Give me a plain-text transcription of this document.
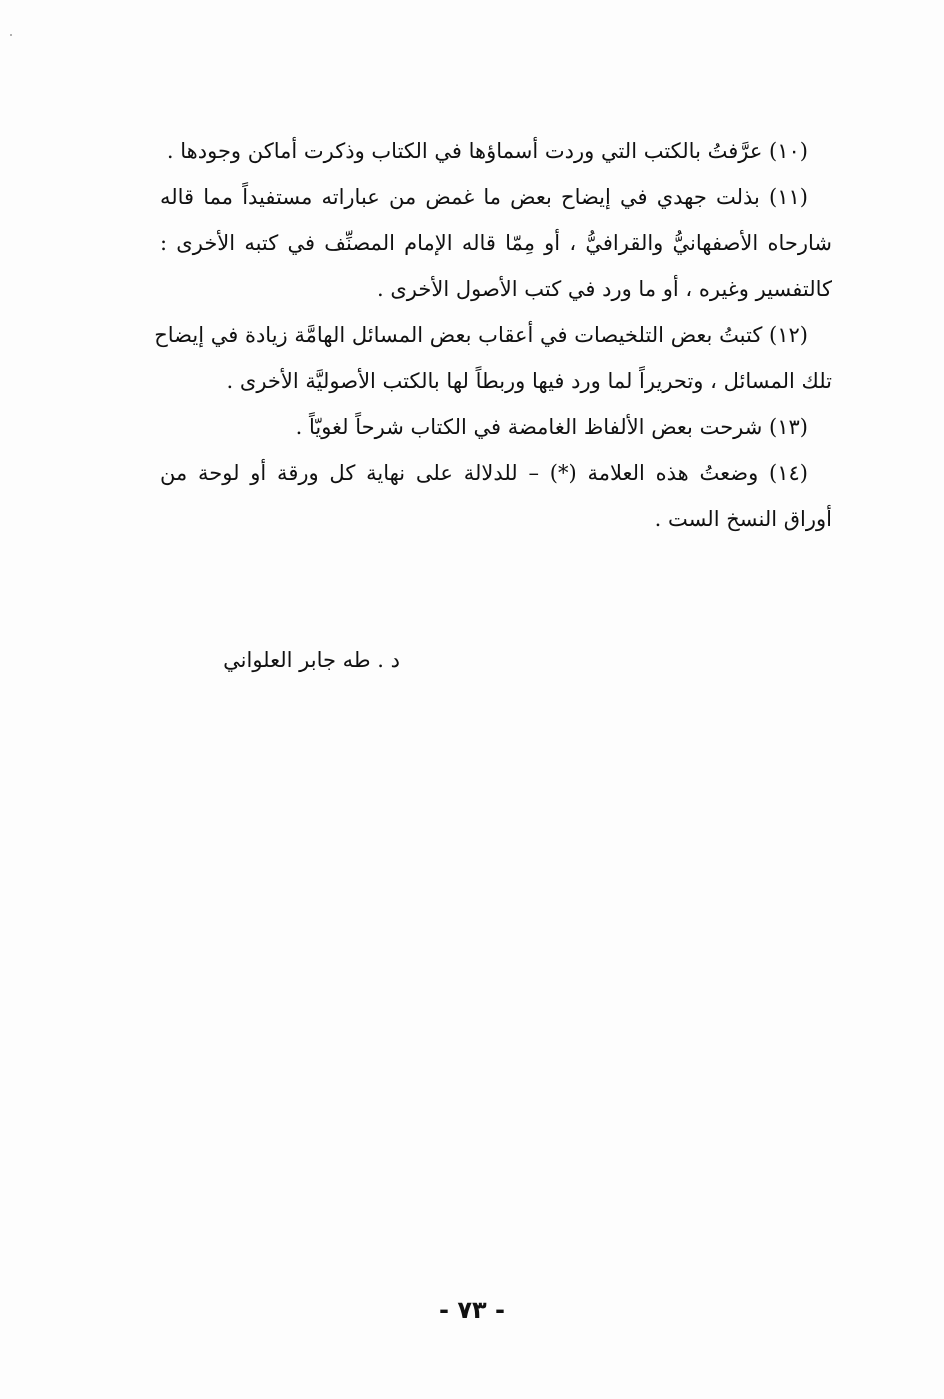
(١٠) عرَّفتُ بالكتب التي وردت أسماؤها في الكتاب وذكرت أماكن وجودها .
(١١) بذلت جهدي في إيضاح بعض ما غمض من عباراته مستفيداً مما قاله
شارحاه الأصفهانيُّ والقرافيُّ ، أو مِمّا قاله الإمام المصنِّف في كتبه الأخرى :
كالتفسير وغيره ، أو ما ورد في كتب الأصول الأخرى .
(١٢) كتبتُ بعض التلخيصات في أعقاب بعض المسائل الهامَّة زيادة في إيضاح
تلك المسائل ، وتحريراً لما ورد فيها وربطاً لها بالكتب الأصوليَّة الأخرى .
(١٣) شرحت بعض الألفاظ الغامضة في الكتاب شرحاً لغويّاً .
(١٤) وضعتُ هذه العلامة (*) – للدلالة على نهاية كل ورقة أو لوحة من
أوراق النسخ الست .
د . طه جابر العلواني
- ٧٣ -
